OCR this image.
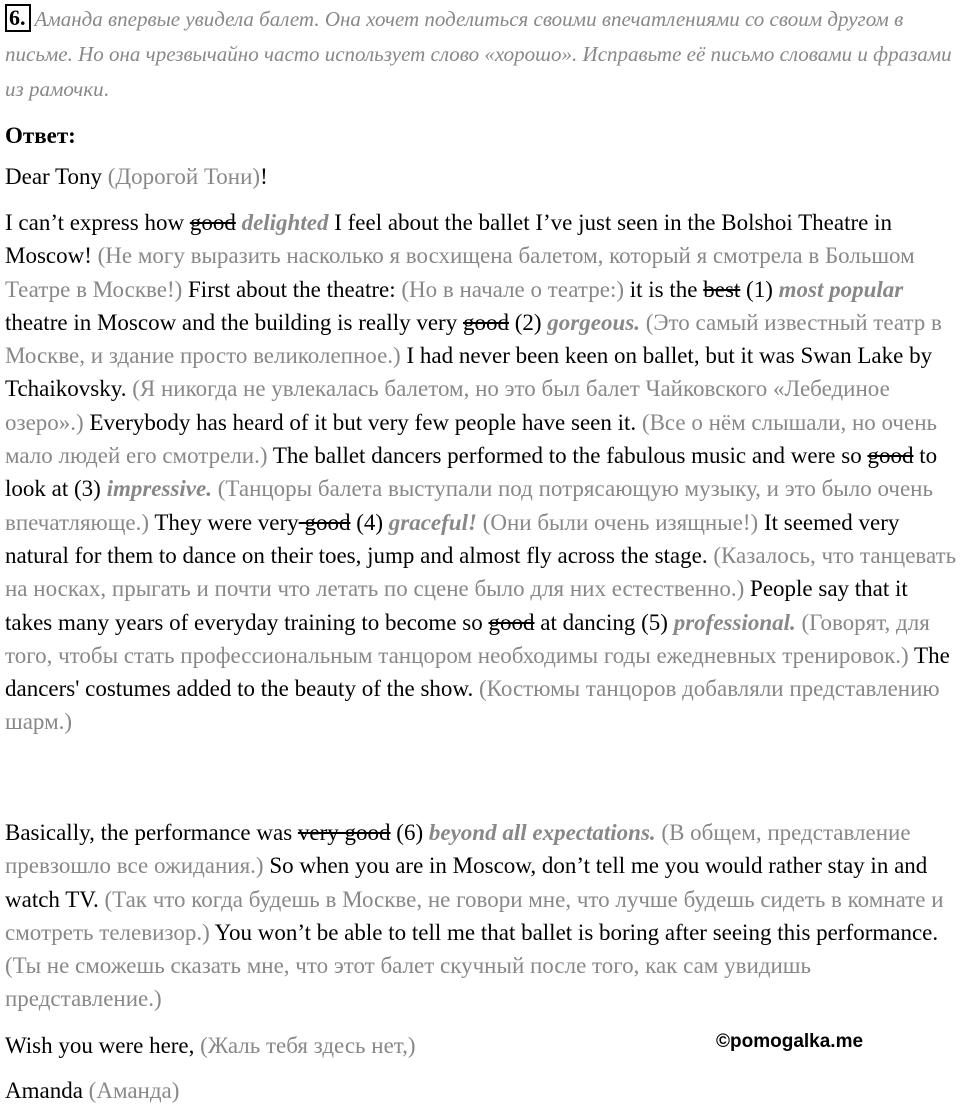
6. Аманда впервые увидела балет. Она хочет поделиться своими впечатлениями со своим другом в письме. Но она чрезвычайно часто использует слово «хорошо». Исправьте её письмо словами и фразами из рамочки.
Ответ:
Dear Tony (Дорогой Тони)!
I can’t express how good delighted I feel about the ballet I’ve just seen in the Bolshoi Theatre in Moscow! (Не могу выразить насколько я восхищена балетом, который я смотрела в Большом Театре в Москве!) First about the theatre: (Но в начале о театре:) it is the best (1) most popular theatre in Moscow and the building is really very good (2) gorgeous. (Это самый известный театр в Москве, и здание просто великолепное.) I had never been keen on ballet, but it was Swan Lake by Tchaikovsky. (Я никогда не увлекалась балетом, но это был балет Чайковского «Лебединое озеро».) Everybody has heard of it but very few people have seen it. (Все о нём слышали, но очень мало людей его смотрели.) The ballet dancers performed to the fabulous music and were so good to look at (3) impressive. (Танцоры балета выступали под потрясающую музыку, и это было очень впечатляюще.) They were very good (4) graceful! (Они были очень изящные!) It seemed very natural for them to dance on their toes, jump and almost fly across the stage. (Казалось, что танцевать на носках, прыгать и почти что летать по сцене было для них естественно.) People say that it takes many years of everyday training to become so good at dancing (5) professional. (Говорят, для того, чтобы стать профессиональным танцором необходимы годы ежедневных тренировок.) The dancers' costumes added to the beauty of the show. (Костюмы танцоров добавляли представлению шарм.)
Basically, the performance was very good (6) beyond all expectations. (В общем, представление превзошло все ожидания.) So when you are in Moscow, don’t tell me you would rather stay in and watch TV. (Так что когда будешь в Москве, не говори мне, что лучше будешь сидеть в комнате и смотреть телевизор.) You won’t be able to tell me that ballet is boring after seeing this performance. (Ты не сможешь сказать мне, что этот балет скучный после того, как сам увидишь представление.)
Wish you were here, (Жаль тебя здесь нет,)
Amanda (Аманда)
©pomogalka.me
